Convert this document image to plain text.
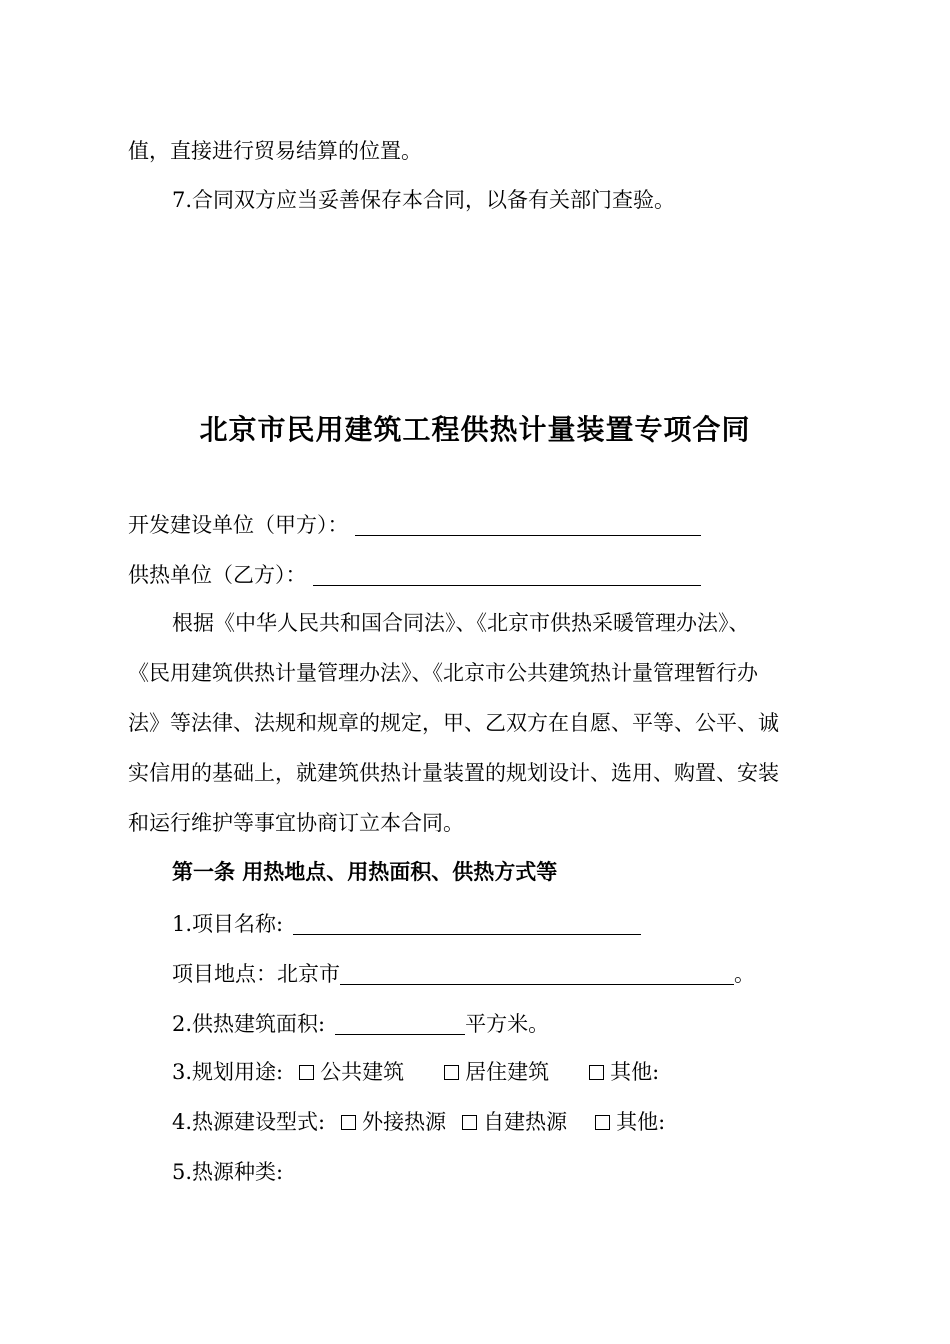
值，直接进行贸易结算的位置。
7.合同双方应当妥善保存本合同，以备有关部门查验。
北京市民用建筑工程供热计量装置专项合同
开发建设单位（甲方）：
供热单位（乙方）：
根据《中华人民共和国合同法》、《北京市供热采暖管理办法》、
《民用建筑供热计量管理办法》、《北京市公共建筑热计量管理暂行办
法》等法律、法规和规章的规定，甲、乙双方在自愿、平等、公平、诚
实信用的基础上，就建筑供热计量装置的规划设计、选用、购置、安装
和运行维护等事宜协商订立本合同。
第一条 用热地点、用热面积、供热方式等
1.项目名称:
项目地点：北京市	。
2.供热建筑面积:	平方米。
3.规划用途: 公共建筑	居住建筑	其他:
4.热源建设型式: 外接热源 自建热源 其他:
5.热源种类:
